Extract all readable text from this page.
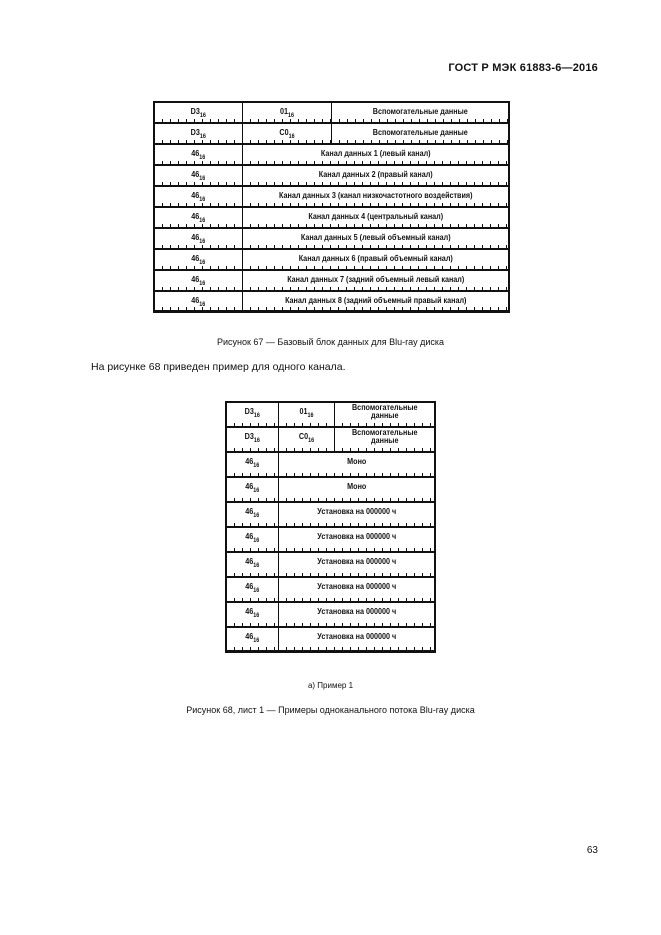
ГОСТ Р МЭК 61883-6—2016
$D3_{16}$	$01_{16}$	Вспомогательные данные

$D3_{16}$	$C0_{16}$	Вспомогательные данные

$46_{16}$	Канал данных 1 (левый канал)	

$46_{16}$	Канал данных 2 (правый канал)	

$46_{16}$	Канал данных 3 (канал низкочастотного воздействия)	

$46_{16}$	Канал данных 4 (центральный канал)	

$46_{16}$	Канал данных 5 (левый объемный канал)	

$46_{16}$	Канал данных 6 (правый объемный канал)	

$46_{16}$	Канал данных 7 (задний объемный левый канал)	

$46_{16}$	Канал данных 8 (задний объемный правый канал)	
Рисунок 67 — Базовый блок данных для Blu-ray диска
На рисунке 68 приведен пример для одного канала.
$D3_{16}$	$01_{16}$	Вспомогательные данные

$D3_{16}$	$C0_{16}$	Вспомогательные данные

$46_{16}$	Моно	

$46_{16}$	Моно	

$46_{16}$	Установка на 000000 ч	

$46_{16}$	Установка на 000000 ч	

$46_{16}$	Установка на 000000 ч	

$46_{16}$	Установка на 000000 ч	

$46_{16}$	Установка на 000000 ч	

$46_{16}$	Установка на 000000 ч	
а) Пример 1
Рисунок 68, лист 1 — Примеры одноканального потока Blu-ray диска
63
